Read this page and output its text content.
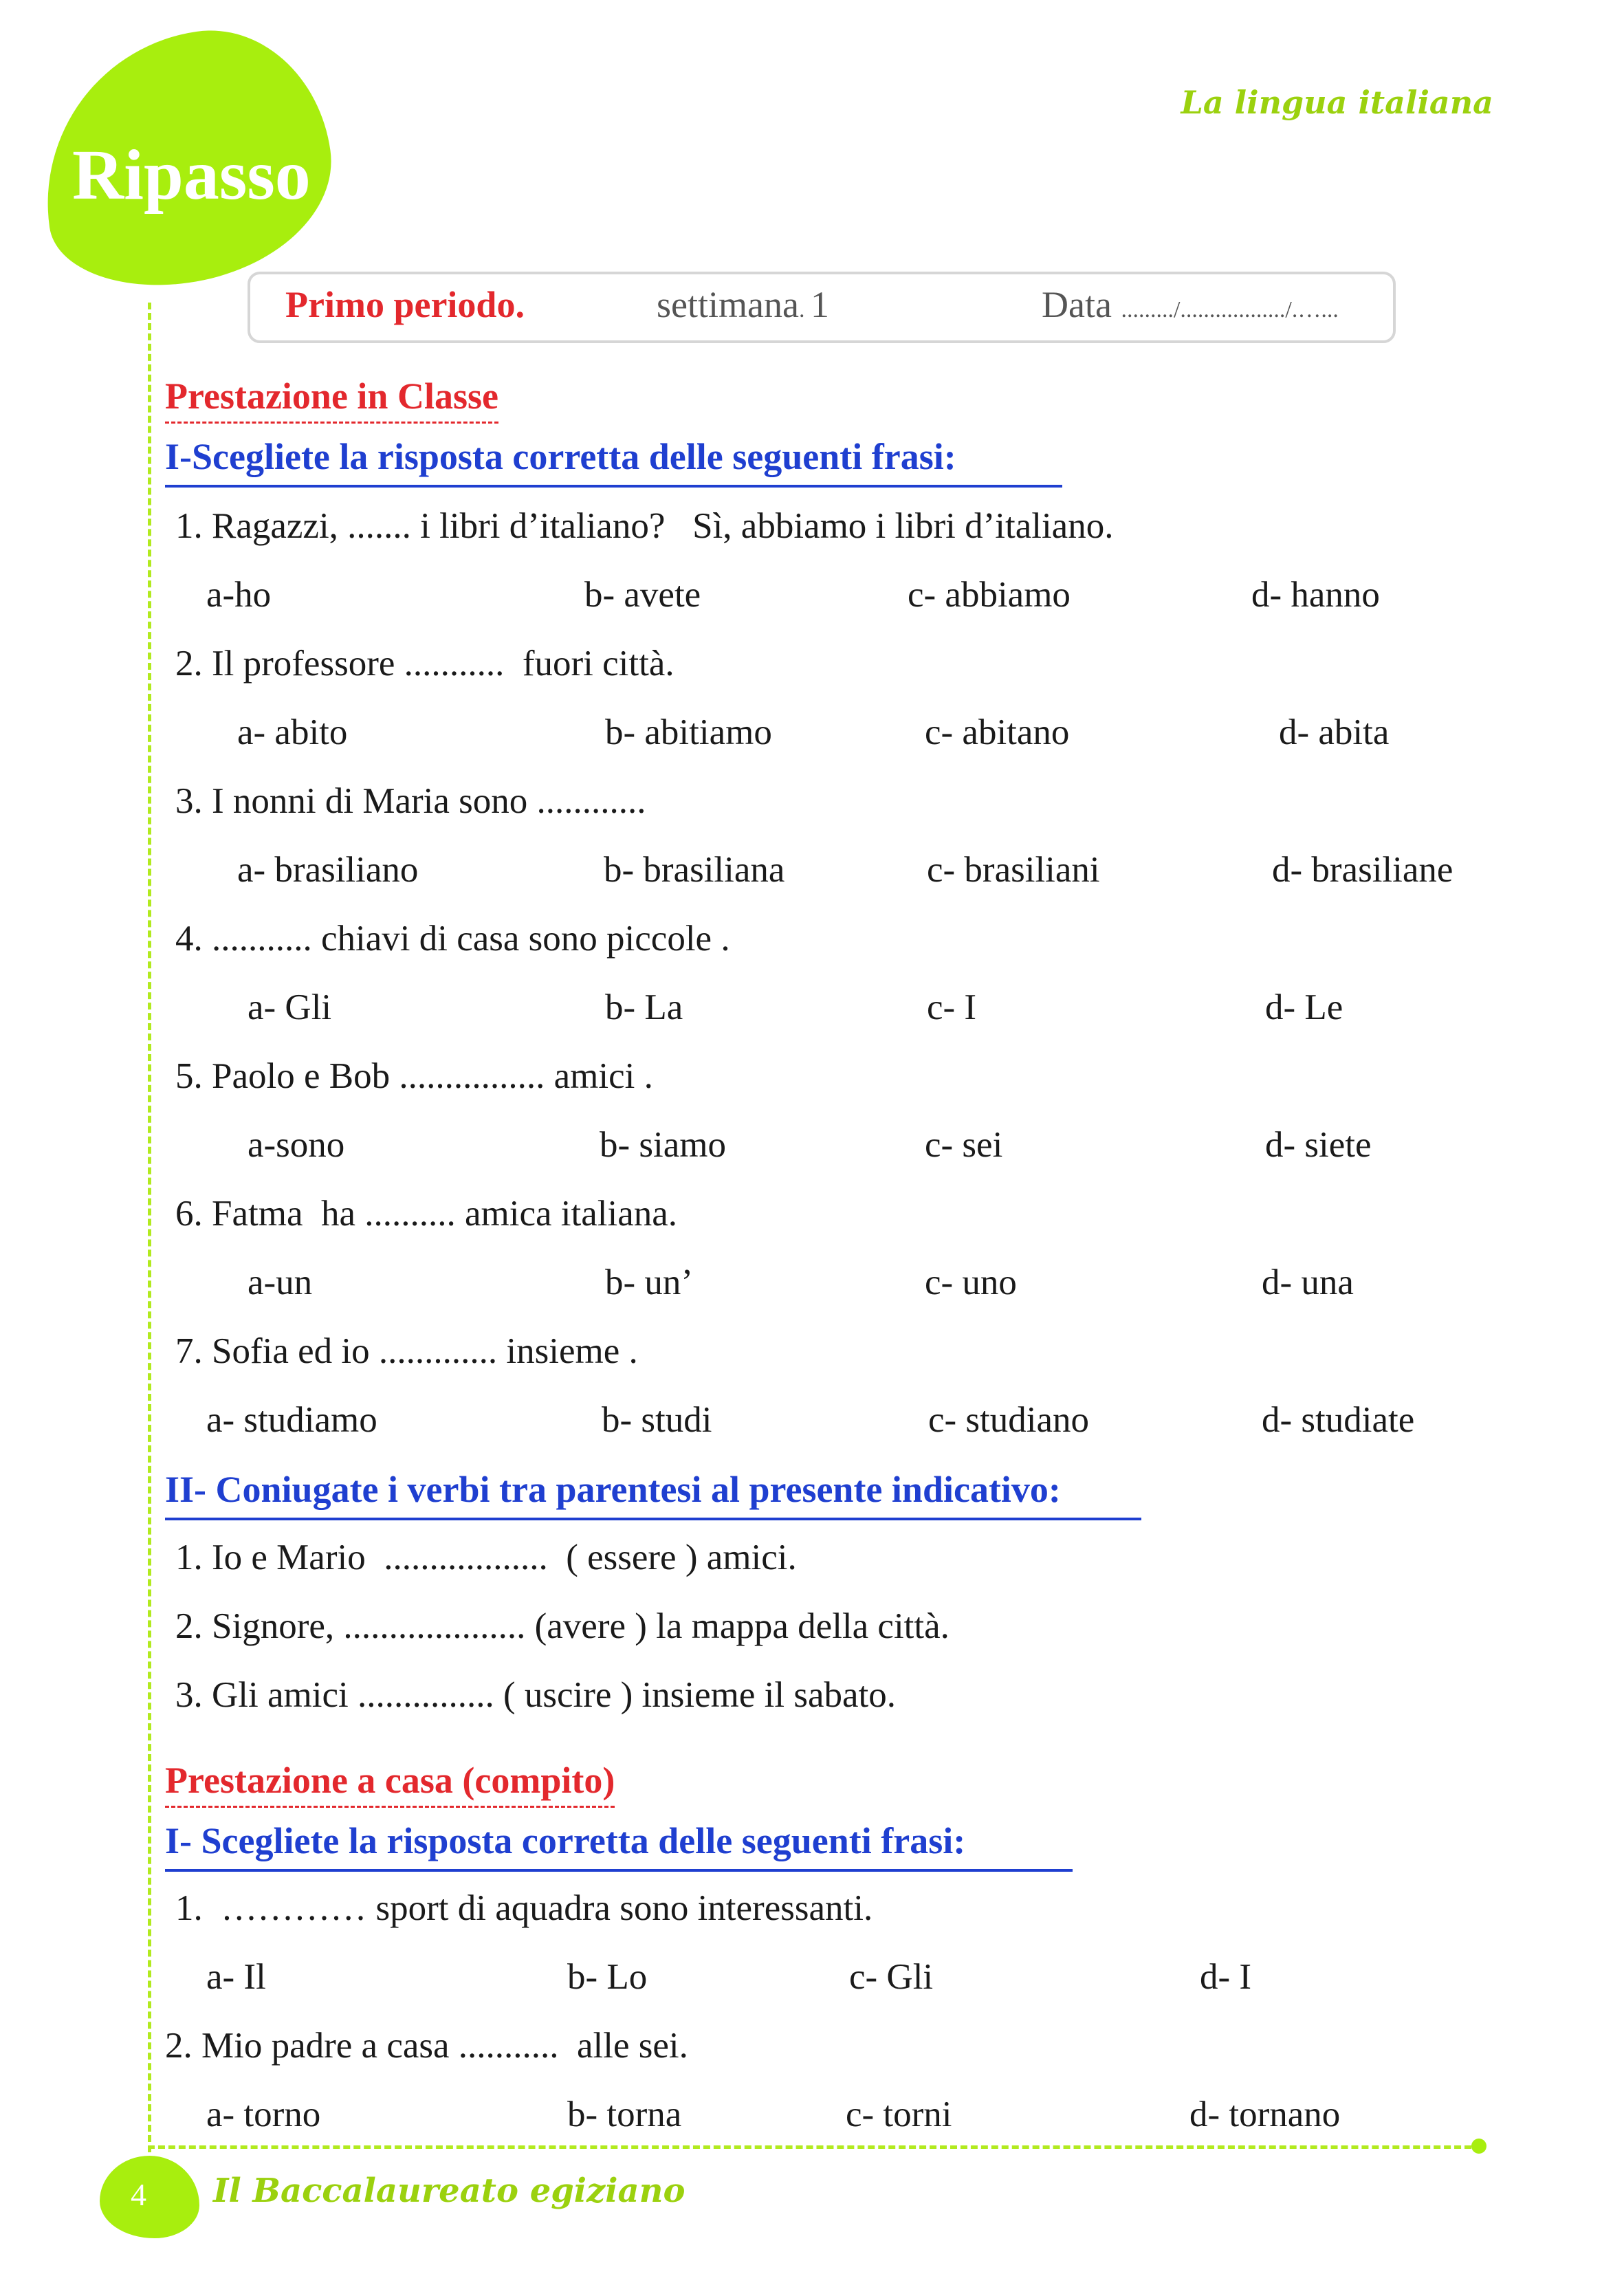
Ripasso
La lingua italiana
Primo periodo.	settimana. 1	Data ........./................../.…...
Prestazione in Classe
I-Scegliete la risposta corretta delle seguenti frasi:
1. Ragazzi, ....... i libri d’italiano?   Sì, abbiamo i libri d’italiano.
a-ho	b- avete	c- abbiamo	d- hanno
2. Il professore ...........  fuori città.
a- abito	b- abitiamo	c- abitano	d- abita
3. I nonni di Maria sono ............
a- brasiliano	b- brasiliana	c- brasiliani	d- brasiliane
4. ........... chiavi di casa sono piccole .
a- Gli	b- La	c- I	d- Le
5. Paolo e Bob ................ amici .
a-sono	b- siamo	c- sei	d- siete
6. Fatma  ha .......... amica italiana.
a-un	b- un’	c- uno	d- una
7. Sofia ed io ............. insieme .
a- studiamo	b- studi	c- studiano	d- studiate
II- Coniugate i verbi tra parentesi al presente indicativo:
1. Io e Mario  ..................  ( essere ) amici.
2. Signore, .................... (avere ) la mappa della città.
3. Gli amici ............... ( uscire ) insieme il sabato.
Prestazione a casa (compito)
I- Scegliete la risposta corretta delle seguenti frasi:
1.  ………… sport di aquadra sono interessanti.
a- Il	b- Lo	c- Gli	d- I
2. Mio padre a casa ...........  alle sei.
a- torno	b- torna	c- torni	d- tornano
4 Il Baccalaureato egiziano
